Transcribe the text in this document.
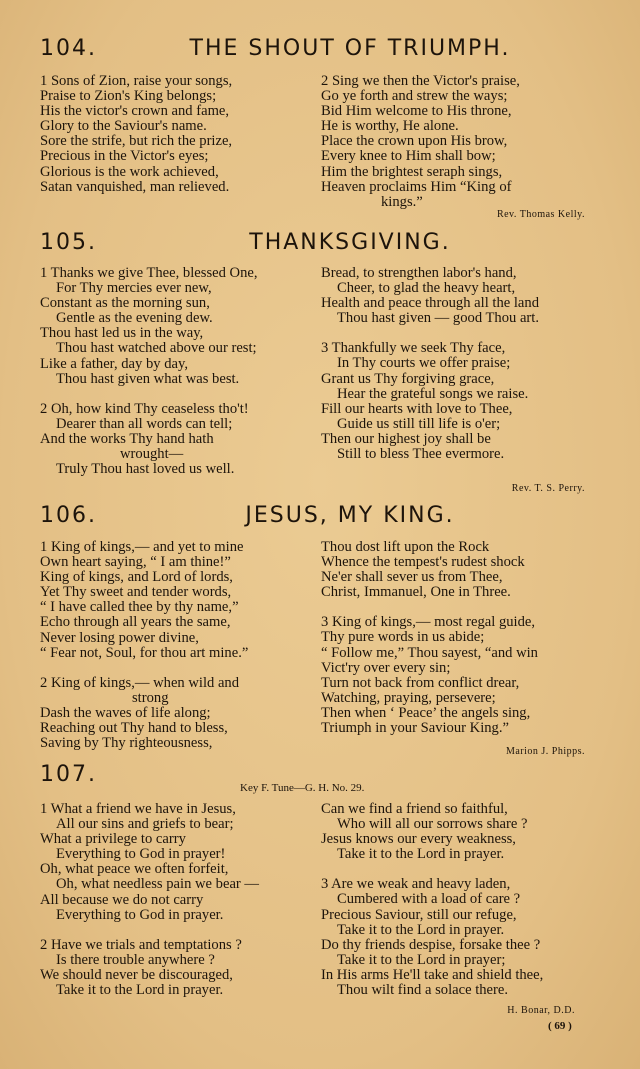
104.	THE SHOUT OF TRIUMPH.
1 Sons of Zion, raise your songs,
Praise to Zion's King belongs;
His the victor's crown and fame,
Glory to the Saviour's name.
Sore the strife, but rich the prize,
Precious in the Victor's eyes;
Glorious is the work achieved,
Satan vanquished, man relieved.
2 Sing we then the Victor's praise,
Go ye forth and strew the ways;
Bid Him welcome to His throne,
He is worthy, He alone.
Place the crown upon His brow,
Every knee to Him shall bow;
Him the brightest seraph sings,
Heaven proclaims Him “King of
kings.”
Rev. Thomas Kelly.
105.	THANKSGIVING.
1 Thanks we give Thee, blessed One,
For Thy mercies ever new,
Constant as the morning sun,
Gentle as the evening dew.
Thou hast led us in the way,
Thou hast watched above our rest;
Like a father, day by day,
Thou hast given what was best.
2 Oh, how kind Thy ceaseless tho't!
Dearer than all words can tell;
And the works Thy hand hath
wrought—
Truly Thou hast loved us well.
Bread, to strengthen labor's hand,
Cheer, to glad the heavy heart,
Health and peace through all the land
Thou hast given — good Thou art.
3 Thankfully we seek Thy face,
In Thy courts we offer praise;
Grant us Thy forgiving grace,
Hear the grateful songs we raise.
Fill our hearts with love to Thee,
Guide us still till life is o'er;
Then our highest joy shall be
Still to bless Thee evermore.
Rev. T. S. Perry.
106.	JESUS, MY KING.
1 King of kings,— and yet to mine
Own heart saying, “ I am thine!”
King of kings, and Lord of lords,
Yet Thy sweet and tender words,
“ I have called thee by thy name,”
Echo through all years the same,
Never losing power divine,
“ Fear not, Soul, for thou art mine.”
2 King of kings,— when wild and
strong
Dash the waves of life along;
Reaching out Thy hand to bless,
Saving by Thy righteousness,
Thou dost lift upon the Rock
Whence the tempest's rudest shock
Ne'er shall sever us from Thee,
Christ, Immanuel, One in Three.
3 King of kings,— most regal guide,
Thy pure words in us abide;
“ Follow me,” Thou sayest, “and win
Vict'ry over every sin;
Turn not back from conflict drear,
Watching, praying, persevere;
Then when ‘ Peace’ the angels sing,
Triumph in your Saviour King.”
Marion J. Phipps.
107.
Key F. Tune—G. H. No. 29.
1 What a friend we have in Jesus,
All our sins and griefs to bear;
What a privilege to carry
Everything to God in prayer!
Oh, what peace we often forfeit,
Oh, what needless pain we bear —
All because we do not carry
Everything to God in prayer.
2 Have we trials and temptations ?
Is there trouble anywhere ?
We should never be discouraged,
Take it to the Lord in prayer.
Can we find a friend so faithful,
Who will all our sorrows share ?
Jesus knows our every weakness,
Take it to the Lord in prayer.
3 Are we weak and heavy laden,
Cumbered with a load of care ?
Precious Saviour, still our refuge,
Take it to the Lord in prayer.
Do thy friends despise, forsake thee ?
Take it to the Lord in prayer;
In His arms He'll take and shield thee,
Thou wilt find a solace there.
H. Bonar, D.D.
( 69 )
